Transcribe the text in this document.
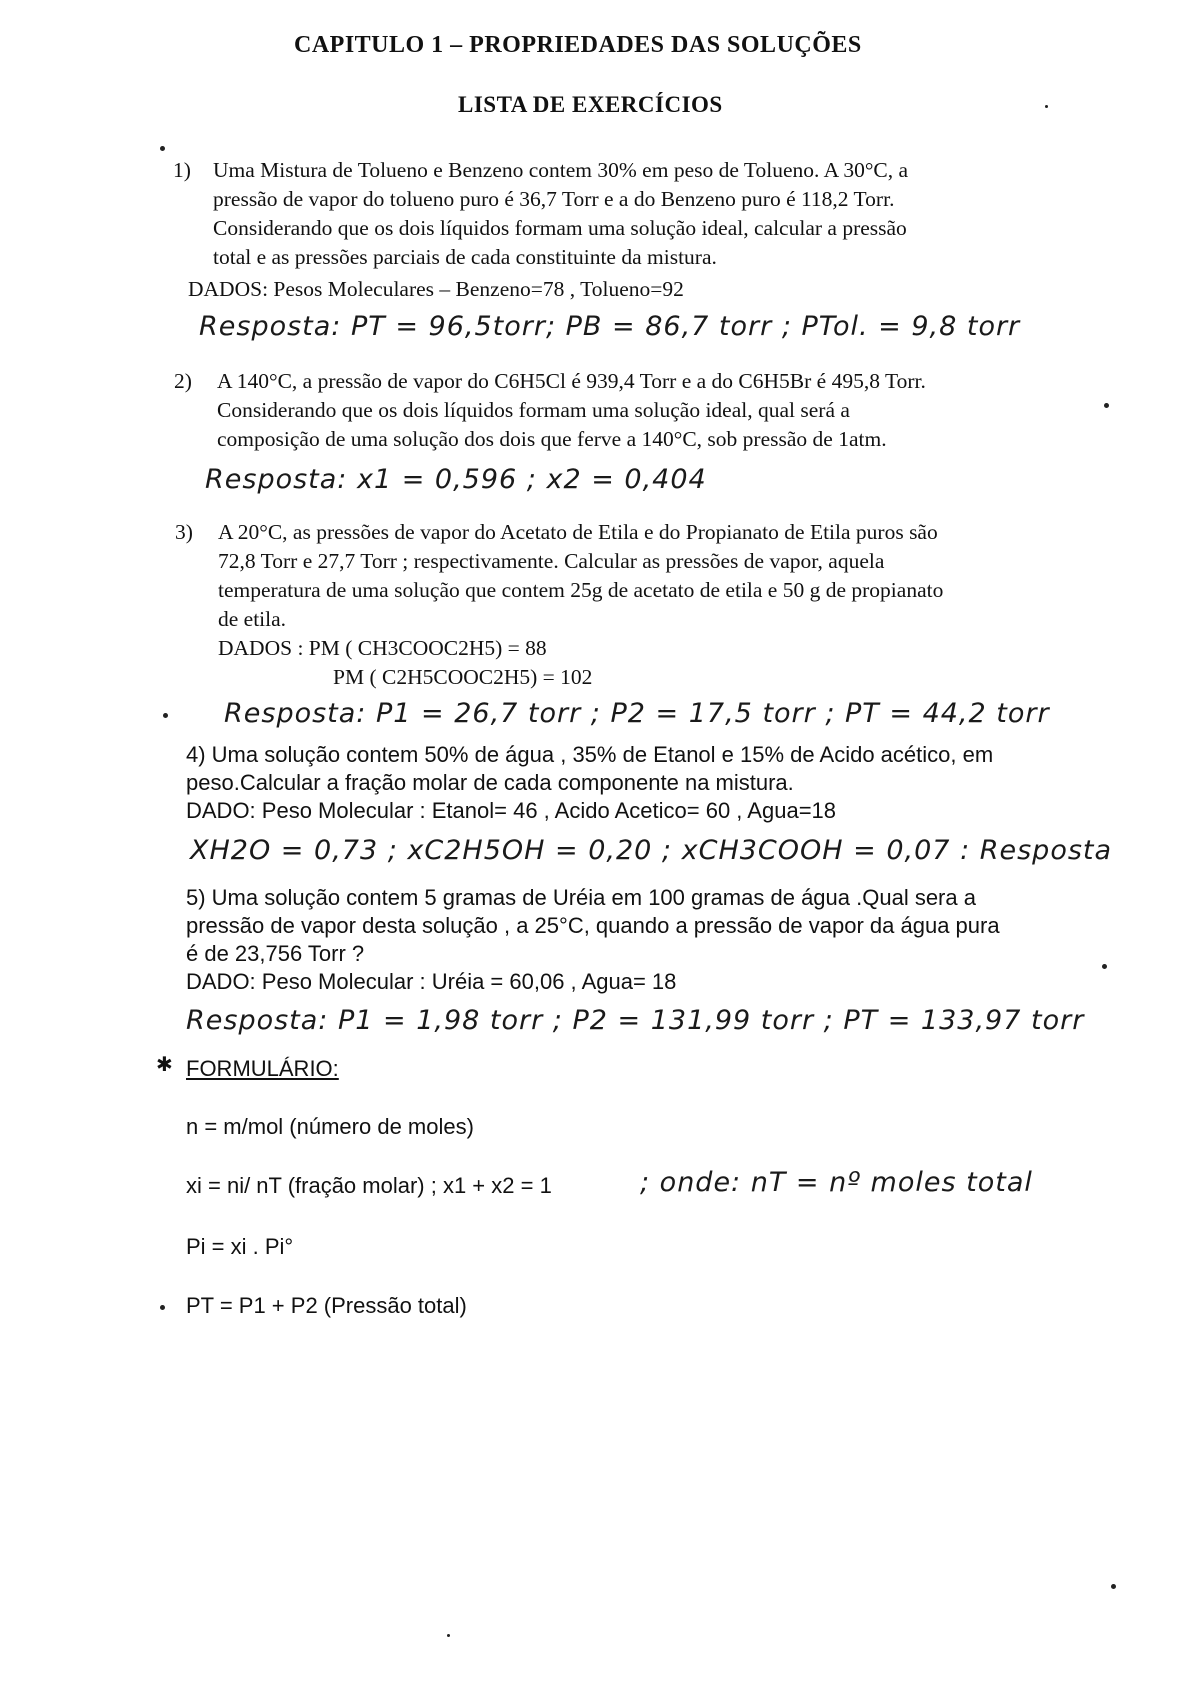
CAPITULO 1 – PROPRIEDADES DAS SOLUÇÕES
LISTA DE EXERCÍCIOS
1) Uma Mistura de Tolueno e Benzeno contem 30% em peso de Tolueno. A 30°C, a
pressão de vapor do tolueno puro é 36,7 Torr e a do Benzeno puro é 118,2 Torr.
Considerando que os dois líquidos formam uma solução ideal, calcular a pressão
total e as pressões parciais de cada constituinte da mistura.
DADOS: Pesos Moleculares – Benzeno=78 , Tolueno=92
Resposta: PT = 96,5torr; PB = 86,7 torr ; PTol. = 9,8 torr
2) A 140°C, a pressão de vapor do C6H5Cl é 939,4 Torr e a do C6H5Br é 495,8 Torr.
Considerando que os dois líquidos formam uma solução ideal, qual será a
composição de uma solução dos dois que ferve a 140°C, sob pressão de 1atm.
Resposta: x1 = 0,596 ; x2 = 0,404
3) A 20°C, as pressões de vapor do Acetato de Etila e do Propianato de Etila puros são
72,8 Torr e 27,7 Torr ; respectivamente. Calcular as pressões de vapor, aquela
temperatura de uma solução que contem 25g de acetato de etila e 50 g de propianato
de etila.
DADOS : PM ( CH3COOC2H5) = 88
PM ( C2H5COOC2H5) = 102
Resposta: P1 = 26,7 torr ; P2 = 17,5 torr ; PT = 44,2 torr
4) Uma solução contem 50% de água , 35% de Etanol e 15% de Acido acético, em
peso.Calcular a fração molar de cada componente na mistura.
DADO: Peso Molecular : Etanol= 46 , Acido Acetico= 60 , Agua=18
XH2O = 0,73 ; xC2H5OH = 0,20 ; xCH3COOH = 0,07 : Resposta
5) Uma solução contem 5 gramas de Uréia em 100 gramas de água .Qual sera a
pressão de vapor desta solução , a 25°C, quando a pressão de vapor da água pura
é de 23,756 Torr ?
DADO: Peso Molecular : Uréia = 60,06 , Agua= 18
Resposta: P1 = 1,98 torr ; P2 = 131,99 torr ; PT = 133,97 torr
✱ FORMULÁRIO:
n = m/mol (número de moles)
xi = ni/ nT (fração molar) ; x1 + x2 = 1	; onde: nT = nº moles total
Pi = xi . Pi°
PT = P1 + P2 (Pressão total)
